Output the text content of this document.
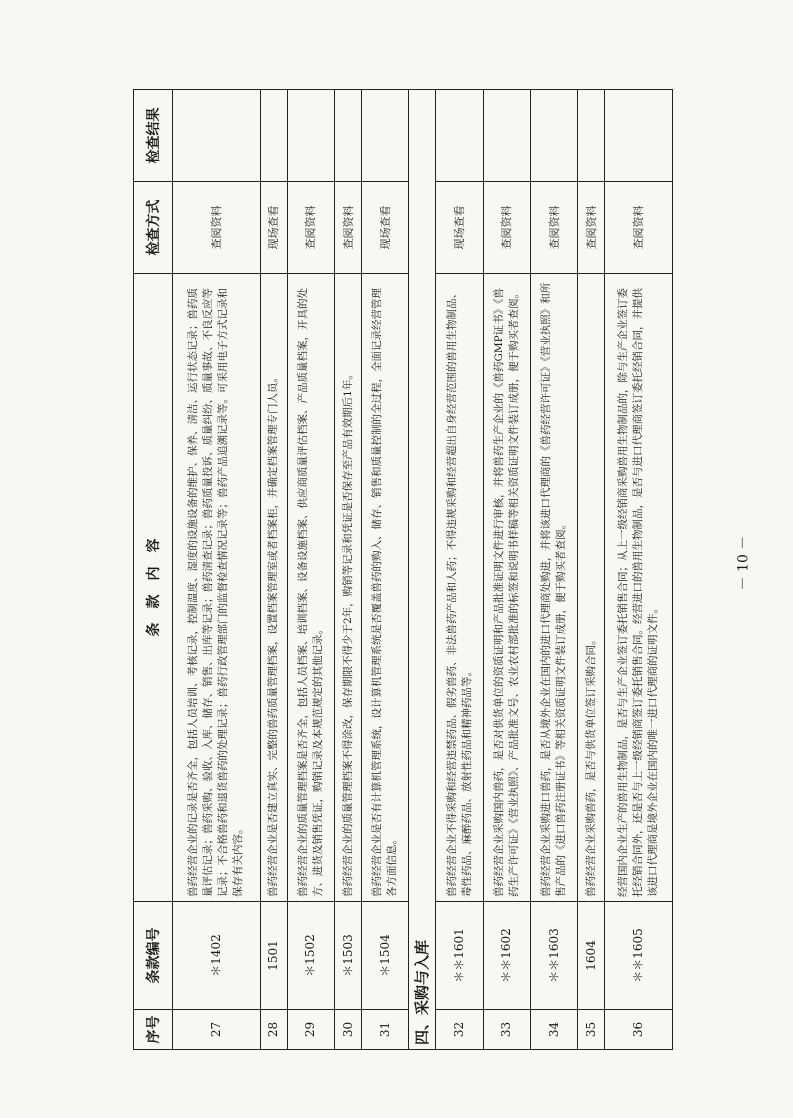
序号	条款编号	条　款　内　容	检查方式	检查结果
27	＊1402	兽药经营企业的记录是否齐全，包括人员培训、考核记录，控制温度、湿度的设施设备的维护、保养、清洁、运行状态记录；兽药质量评估记录；兽药采购、验收、入库、储存、销售、出库等记录；兽药清查记录；兽药质量投诉、质量纠纷、质量事故、不良反应等记录；不合格兽药和退货兽药的处理记录；兽药行政管理部门的监督检查情况记录等；兽药产品追溯记录等。可采用电子方式记录和保存有关内容。	查阅资料	
28	1501	兽药经营企业是否建立真实、完整的兽药质量管理档案，设置档案管理室或者档案柜，并确定档案管理专门人员。	现场查看	
29	＊1502	兽药经营企业的质量管理档案是否齐全，包括人员档案、培训档案、设备设施档案、供应商质量评估档案、产品质量档案，开具的处方、进货及销售凭证，购销记录及本规范规定的其他记录。	查阅资料	
30	＊1503	兽药经营企业的质量管理档案不得涂改，保存期限不得少于2年，购销等记录和凭证是否保存至产品有效期后1年。	查阅资料	
31	＊1504	兽药经营企业是否有计算机管理系统，设计算机管理系统是否覆盖兽药的购入、储存、销售和质量控制的全过程，全面记录经营管理各方面信息。	现场查看	
四、采购与入库				
32	＊＊1601	兽药经营企业不得采购和经营违禁药品、假劣兽药、非法兽药产品和人药；不得违规采购和经营超出自身经营范围的兽用生物制品、毒性药品、麻醉药品、放射性药品和精神药品等。	现场查看	
33	＊＊1602	兽药经营企业采购国内兽药，是否对供货单位的资质证明和产品批准证明文件进行审核，并将兽药生产企业的《兽药GMP证书》《兽药生产许可证》《营业执照》、产品批准文号、农业农村部批准的标签和说明书样稿等相关资质证明文件装订成册，便于购买者查阅。	查阅资料	
34	＊＊1603	兽药经营企业采购进口兽药，是否从境外企业在国内的进口代理商处购进，并将该进口代理商的《兽药经营许可证》《营业执照》和所售产品的《进口兽药注册证书》等相关资质证明文件装订成册，便于购买者查阅。	查阅资料	
35	1604	兽药经营企业采购兽药，是否与供货单位签订采购合同。	查阅资料	
36	＊＊1605	经营国内企业生产的兽用生物制品，是否与生产企业签订委托销售合同；从上一级经销商采购兽用生物制品的，除与生产企业签订委托经销合同外，还是否与上一级经销商签订委托销售合同。经营进口的兽用生物制品，是否与进口代理商签订委托经销合同，并提供该进口代理商是境外企业在国内的唯一进口代理商的证明文件。	查阅资料	
－ 10 －
